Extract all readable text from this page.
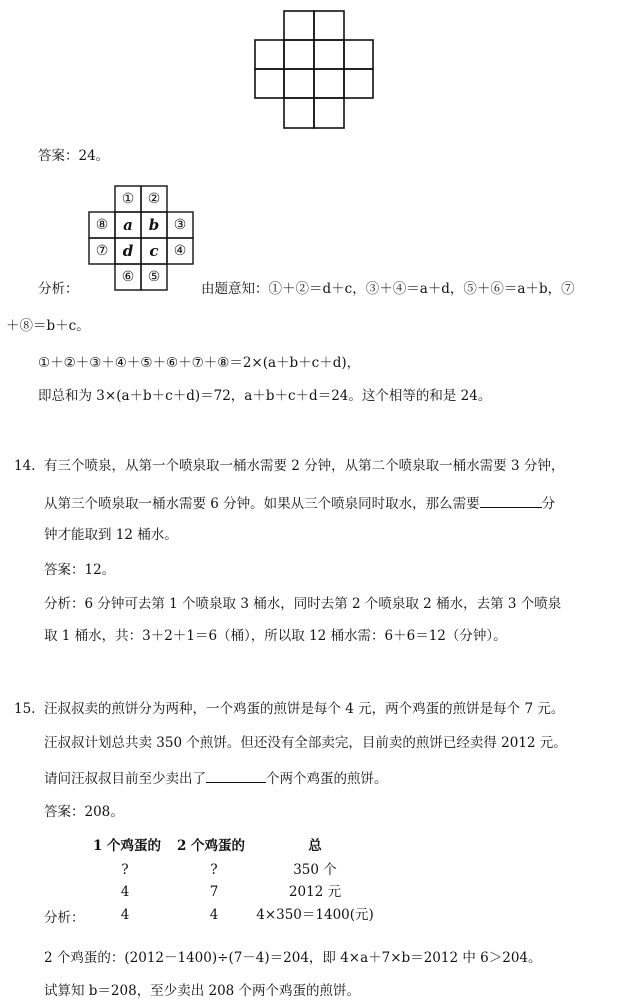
答案：24。
① ②
⑧ a	b	③
⑦ d	c	④
⑥ ⑤
分析：	由题意知：①＋②＝d＋c，③＋④＝a＋d，⑤＋⑥＝a＋b，⑦
＋⑧＝b＋c。
①＋②＋③＋④＋⑤＋⑥＋⑦＋⑧＝2×(a＋b＋c＋d)，
即总和为 3×(a＋b＋c＋d)＝72，a＋b＋c＋d＝24。这个相等的和是 24。
14. 有三个喷泉，从第一个喷泉取一桶水需要 2 分钟，从第二个喷泉取一桶水需要 3 分钟，
从第三个喷泉取一桶水需要 6 分钟。如果从三个喷泉同时取水，那么需要	分
钟才能取到 12 桶水。
答案：12。
分析：6 分钟可去第 1 个喷泉取 3 桶水，同时去第 2 个喷泉取 2 桶水，去第 3 个喷泉
取 1 桶水，共：3＋2＋1＝6（桶），所以取 12 桶水需：6＋6＝12（分钟）。
15. 汪叔叔卖的煎饼分为两种，一个鸡蛋的煎饼是每个 4 元，两个鸡蛋的煎饼是每个 7 元。
汪叔叔计划总共卖 350 个煎饼。但还没有全部卖完，目前卖的煎饼已经卖得 2012 元。
请问汪叔叔目前至少卖出了	个两个鸡蛋的煎饼。
答案：208。
1 个鸡蛋的 2 个鸡蛋的	总
?	?	350 个
4	7	2012 元
4	4	4×350＝1400(元)
分析：
2 个鸡蛋的：(2012－1400)÷(7－4)＝204，即 4×a＋7×b＝2012 中 6＞204。
试算知 b＝208，至少卖出 208 个两个鸡蛋的煎饼。
